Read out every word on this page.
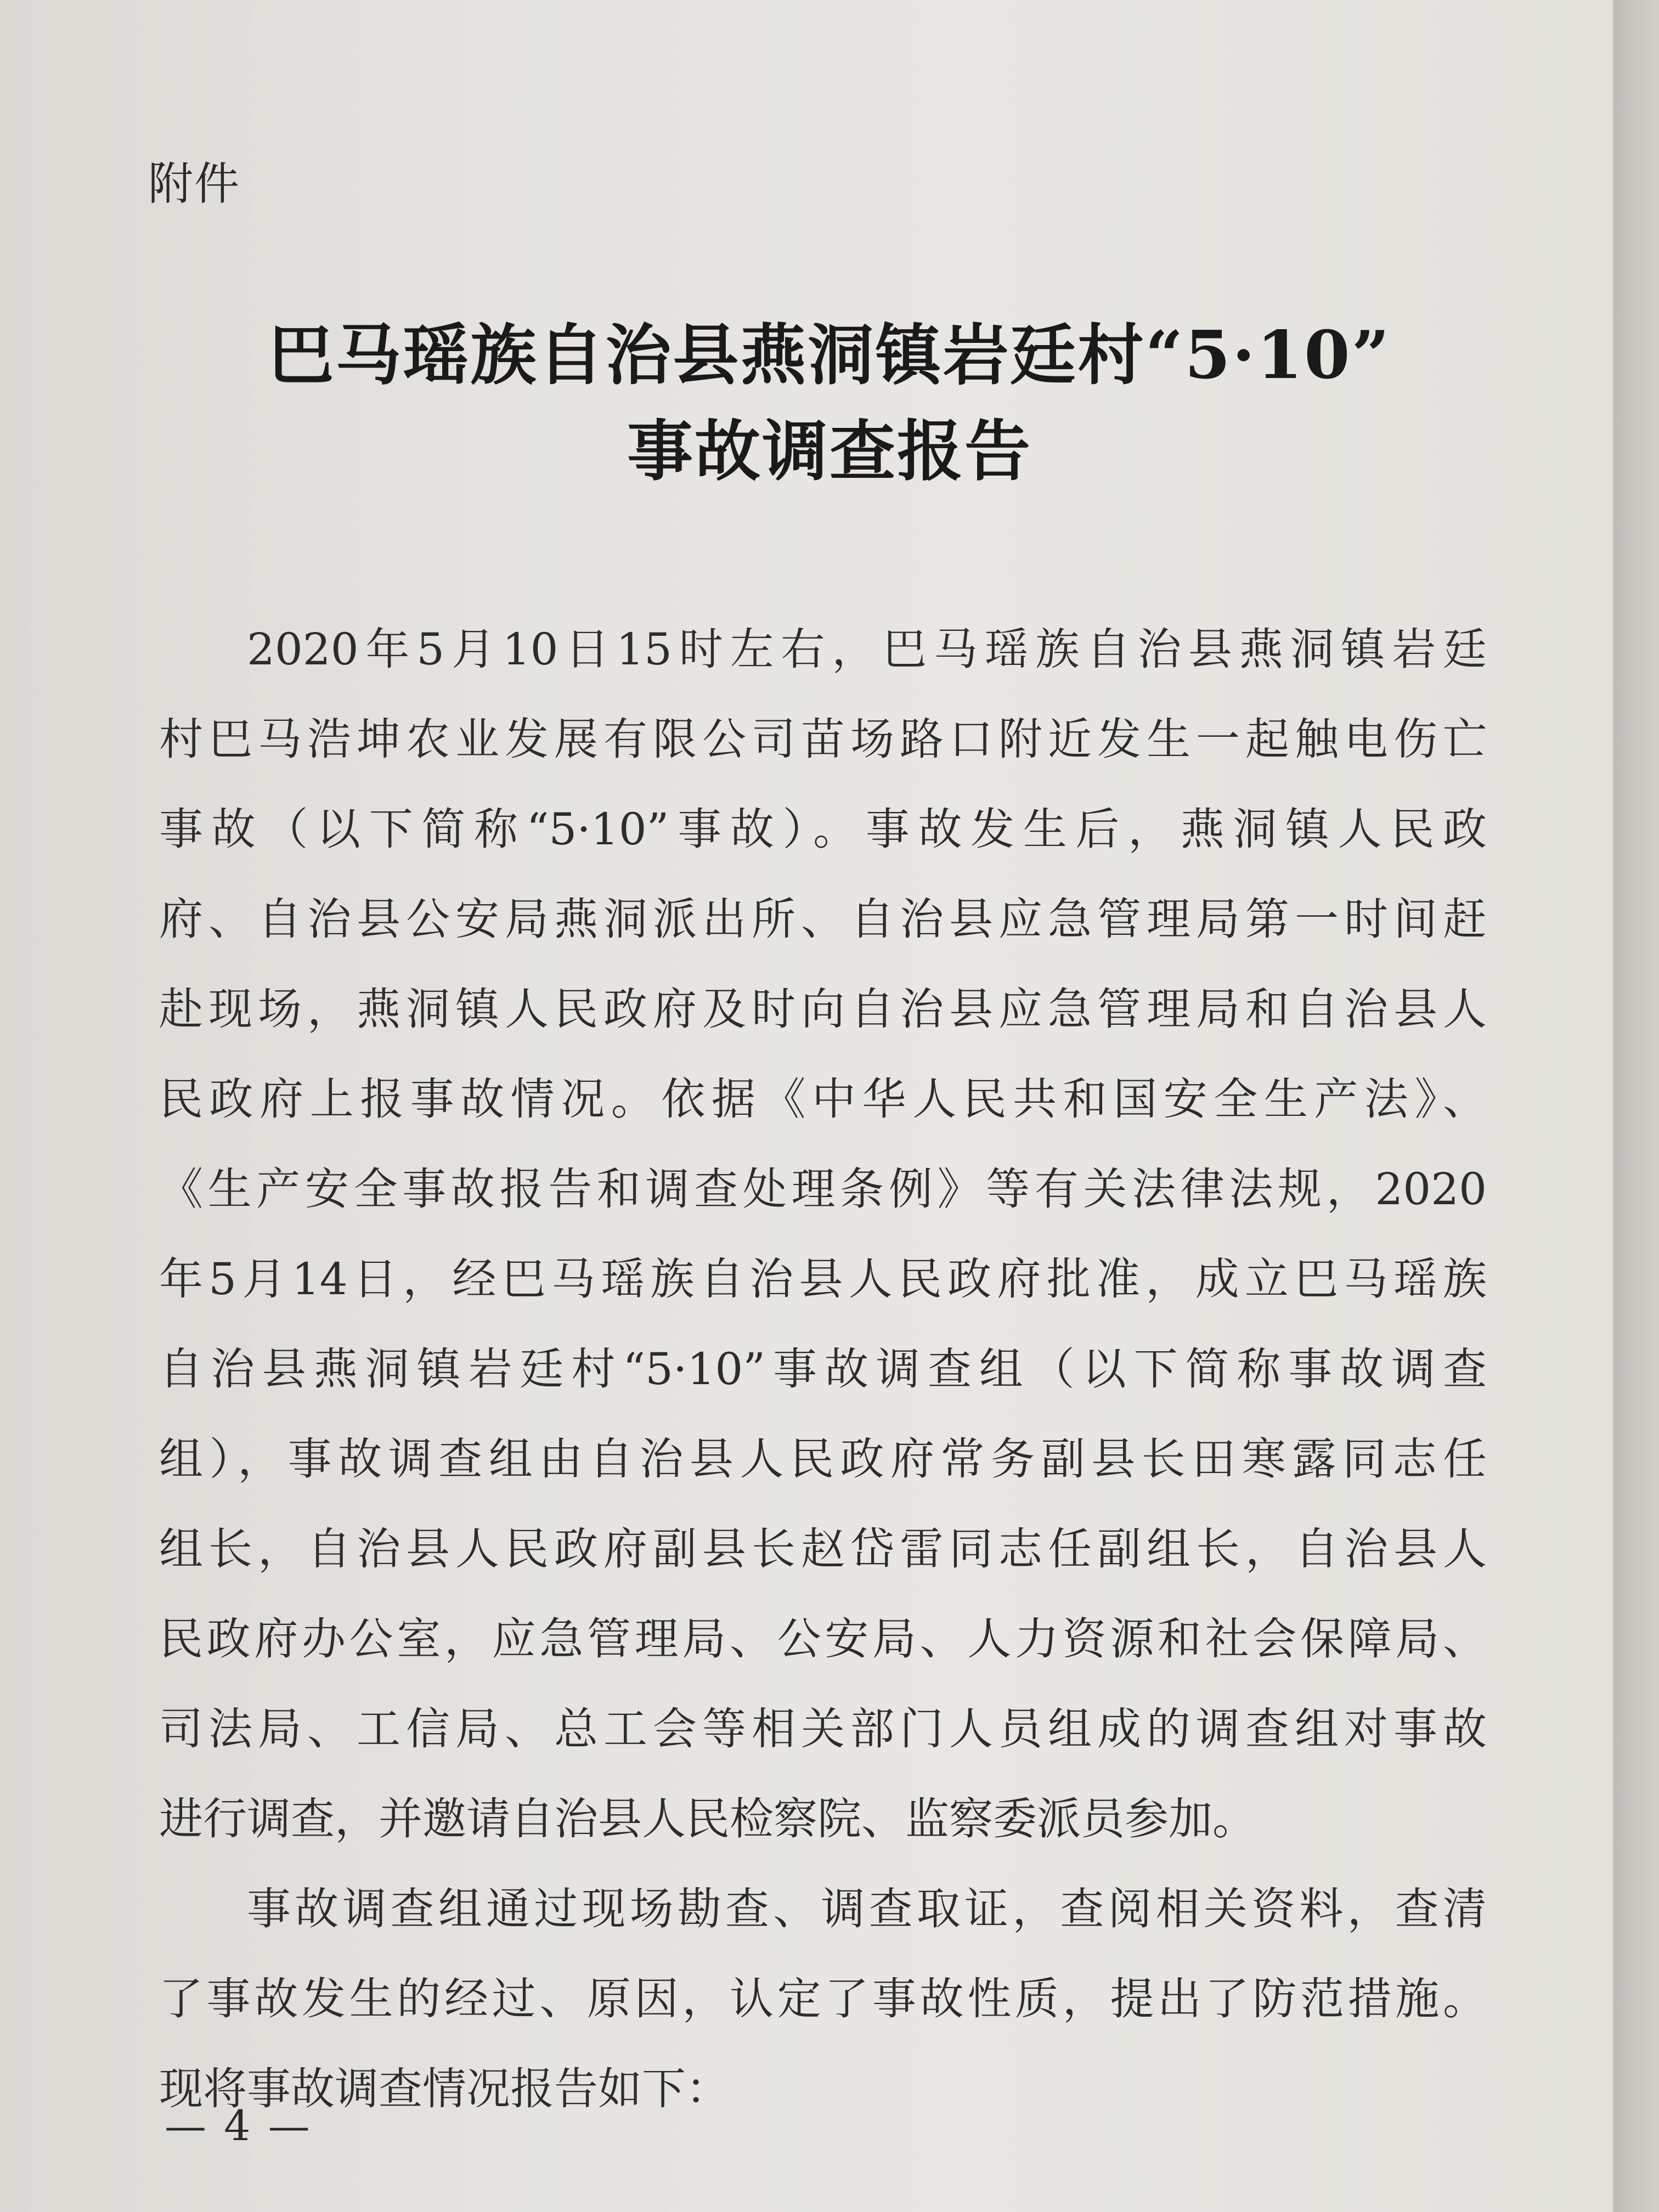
附件
巴马瑶族自治县燕洞镇岩廷村“5·10”
事故调查报告
2020年5月10日15时左右，巴马瑶族自治县燕洞镇岩廷
村巴马浩坤农业发展有限公司苗场路口附近发生一起触电伤亡
事故（以下简称“5·10”事故）。事故发生后，燕洞镇人民政
府、自治县公安局燕洞派出所、自治县应急管理局第一时间赶
赴现场，燕洞镇人民政府及时向自治县应急管理局和自治县人
民政府上报事故情况。依据《中华人民共和国安全生产法》、
《生产安全事故报告和调查处理条例》等有关法律法规，2020
年5月14日，经巴马瑶族自治县人民政府批准，成立巴马瑶族
自治县燕洞镇岩廷村“5·10”事故调查组（以下简称事故调查
组），事故调查组由自治县人民政府常务副县长田寒露同志任
组长，自治县人民政府副县长赵岱雷同志任副组长，自治县人
民政府办公室，应急管理局、公安局、人力资源和社会保障局、
司法局、工信局、总工会等相关部门人员组成的调查组对事故
进行调查，并邀请自治县人民检察院、监察委派员参加。
事故调查组通过现场勘查、调查取证，查阅相关资料，查清
了事故发生的经过、原因，认定了事故性质，提出了防范措施。
现将事故调查情况报告如下：
— 4 —
